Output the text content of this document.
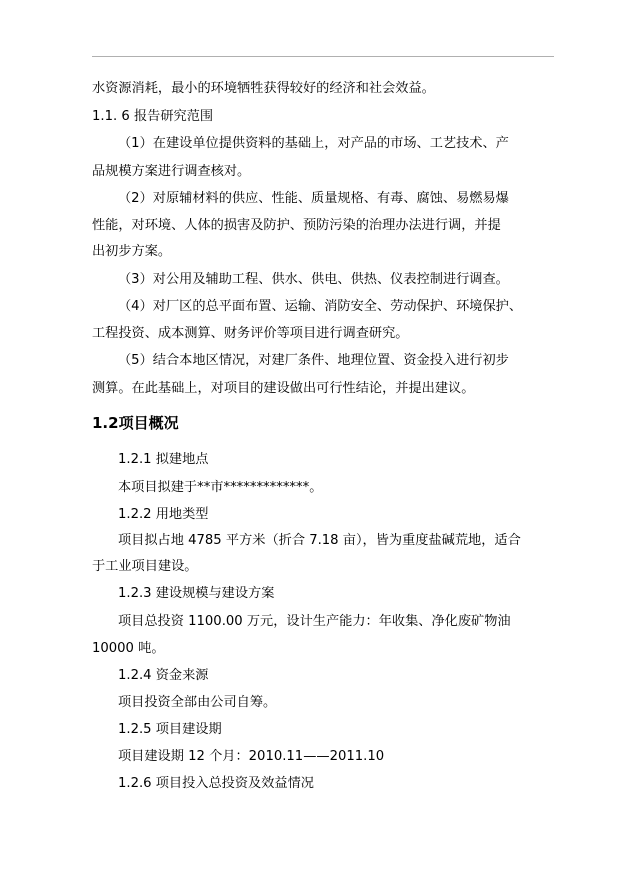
水资源消耗，最小的环境牺牲获得较好的经济和社会效益。
1.1. 6 报告研究范围
（1）在建设单位提供资料的基础上，对产品的市场、工艺技术、产
品规模方案进行调查核对。
（2）对原辅材料的供应、性能、质量规格、有毒、腐蚀、易燃易爆
性能，对环境、人体的损害及防护、预防污染的治理办法进行调，并提
出初步方案。
（3）对公用及辅助工程、供水、供电、供热、仪表控制进行调查。
（4）对厂区的总平面布置、运输、消防安全、劳动保护、环境保护、
工程投资、成本测算、财务评价等项目进行调查研究。
（5）结合本地区情况，对建厂条件、地理位置、资金投入进行初步
测算。在此基础上，对项目的建设做出可行性结论，并提出建议。
1.2项目概况
1.2.1 拟建地点
本项目拟建于**市*************。
1.2.2 用地类型
项目拟占地 4785 平方米（折合 7.18 亩），皆为重度盐碱荒地，适合
于工业项目建设。
1.2.3 建设规模与建设方案
项目总投资 1100.00 万元，设计生产能力：年收集、净化废矿物油
10000 吨。
1.2.4 资金来源
项目投资全部由公司自筹。
1.2.5 项目建设期
项目建设期 12 个月：2010.11——2011.10
1.2.6 项目投入总投资及效益情况
